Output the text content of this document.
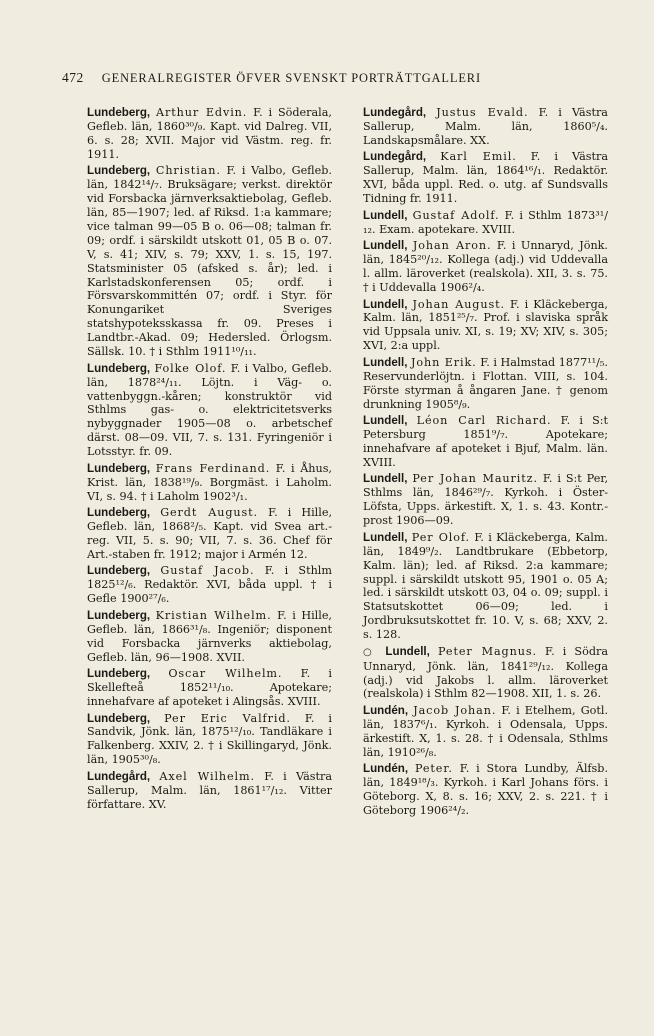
472 GENERALREGISTER ÖFVER SVENSKT PORTRÄTTGALLERI

Lundeberg, Arthur Edvin. F. i Söderala, Gefleb. län, 1860³⁰/₉. Kapt. vid Dalreg. VII, 6. s. 28; XVII. Major vid Västm. reg. fr. 1911.

Lundeberg, Christian. F. i Valbo, Gefleb. län, 1842¹⁴/₇. Bruksägare; verkst. direktör vid Forsbacka järnverksaktiebolag, Gefleb. län, 85—1907; led. af Riksd. 1:a kammare; vice talman 99—05 B o. 06—08; talman fr. 09; ordf. i särskildt utskott 01, 05 B o. 07. V, s. 41; XIV, s. 79; XXV, 1. s. 15, 197. Statsminister 05 (afsked s. år); led. i Karlstadskonferensen 05; ordf. i Försvarskommittén 07; ordf. i Styr. för Konungariket Sveriges statshypoteksskassa fr. 09. Preses i Landtbr.-Akad. 09; Hedersled. Örlogsm. Sällsk. 10. † i Sthlm 1911¹⁰/₁₁.

Lundeberg, Folke Olof. F. i Valbo, Gefleb. län, 1878²⁴/₁₁. Löjtn. i Väg- o. vattenbyggn.-kåren; konstruktör vid Sthlms gas- o. elektricitetsverks nybyggnader 1905—08 o. arbetschef därst. 08—09. VII, 7. s. 131. Fyringeniör i Lotsstyr. fr. 09.

Lundeberg, Frans Ferdinand. F. i Åhus, Krist. län, 1838¹⁹/₉. Borgmäst. i Laholm. VI, s. 94. † i Laholm 1902³/₁.

Lundeberg, Gerdt August. F. i Hille, Gefleb. län, 1868²/₅. Kapt. vid Svea art.-reg. VII, 5. s. 90; VII, 7. s. 36. Chef för Art.-staben fr. 1912; major i Armén 12.

Lundeberg, Gustaf Jacob. F. i Sthlm 1825¹²/₆. Redaktör. XVI, båda uppl. † i Gefle 1900²⁷/₆.

Lundeberg, Kristian Wilhelm. F. i Hille, Gefleb. län, 1866³¹/₈. Ingeniör; disponent vid Forsbacka järnverks aktiebolag, Gefleb. län, 96—1908. XVII.

Lundeberg, Oscar Wilhelm. F. i Skellefteå 1852¹¹/₁₀. Apotekare; innehafvare af apoteket i Alingsås. XVIII.

Lundeberg, Per Eric Valfrid. F. i Sandvik, Jönk. län, 1875¹²/₁₀. Tandläkare i Falkenberg. XXIV, 2. † i Skillingaryd, Jönk. län, 1905³⁰/₈.

Lundegård, Axel Wilhelm. F. i Västra Sallerup, Malm. län, 1861¹⁷/₁₂. Vitter författare. XV.

Lundegård, Justus Evald. F. i Västra Sallerup, Malm. län, 1860⁵/₄. Landskapsmålare. XX.

Lundegård, Karl Emil. F. i Västra Sallerup, Malm. län, 1864¹⁶/₁. Redaktör. XVI, båda uppl. Red. o. utg. af Sundsvalls Tidning fr. 1911.

Lundell, Gustaf Adolf. F. i Sthlm 1873³¹/₁₂. Exam. apotekare. XVIII.

Lundell, Johan Aron. F. i Unnaryd, Jönk. län, 1845²⁰/₁₂. Kollega (adj.) vid Uddevalla l. allm. läroverket (realskola). XII, 3. s. 75. † i Uddevalla 1906²/₄.

Lundell, Johan August. F. i Kläckeberga, Kalm. län, 1851²⁵/₇. Prof. i slaviska språk vid Uppsala univ. XI, s. 19; XV; XIV, s. 305; XVI, 2:a uppl.

Lundell, John Erik. F. i Halmstad 1877¹¹/₅. Reservunderlöjtn. i Flottan. VIII, s. 104. Förste styrman å ångaren Jane. † genom drunkning 1905⁸/₉.

Lundell, Léon Carl Richard. F. i S:t Petersburg 1851⁹/₇. Apotekare; innehafvare af apoteket i Bjuf, Malm. län. XVIII.

Lundell, Per Johan Mauritz. F. i S:t Per, Sthlms län, 1846²⁹/₇. Kyrkoh. i Öster-Löfsta, Upps. ärkestift. X, 1. s. 43. Kontr.-prost 1906—09.

Lundell, Per Olof. F. i Kläckeberga, Kalm. län, 1849⁹/₂. Landtbrukare (Ebbetorp, Kalm. län); led. af Riksd. 2:a kammare; suppl. i särskildt utskott 95, 1901 o. 05 A; led. i särskildt utskott 03, 04 o. 09; suppl. i Statsutskottet 06—09; led. i Jordbruksutskottet fr. 10. V, s. 68; XXV, 2. s. 128.

○ Lundell, Peter Magnus. F. i Södra Unnaryd, Jönk. län, 1841²⁹/₁₂. Kollega (adj.) vid Jakobs l. allm. läroverket (realskola) i Sthlm 82—1908. XII, 1. s. 26.

Lundén, Jacob Johan. F. i Etelhem, Gotl. län, 1837⁶/₁. Kyrkoh. i Odensala, Upps. ärkestift. X, 1. s. 28. † i Odensala, Sthlms län, 1910²⁶/₈.

Lundén, Peter. F. i Stora Lundby, Älfsb. län, 1849¹⁸/₃. Kyrkoh. i Karl Johans förs. i Göteborg. X, 8. s. 16; XXV, 2. s. 221. † i Göteborg 1906²⁴/₂.
